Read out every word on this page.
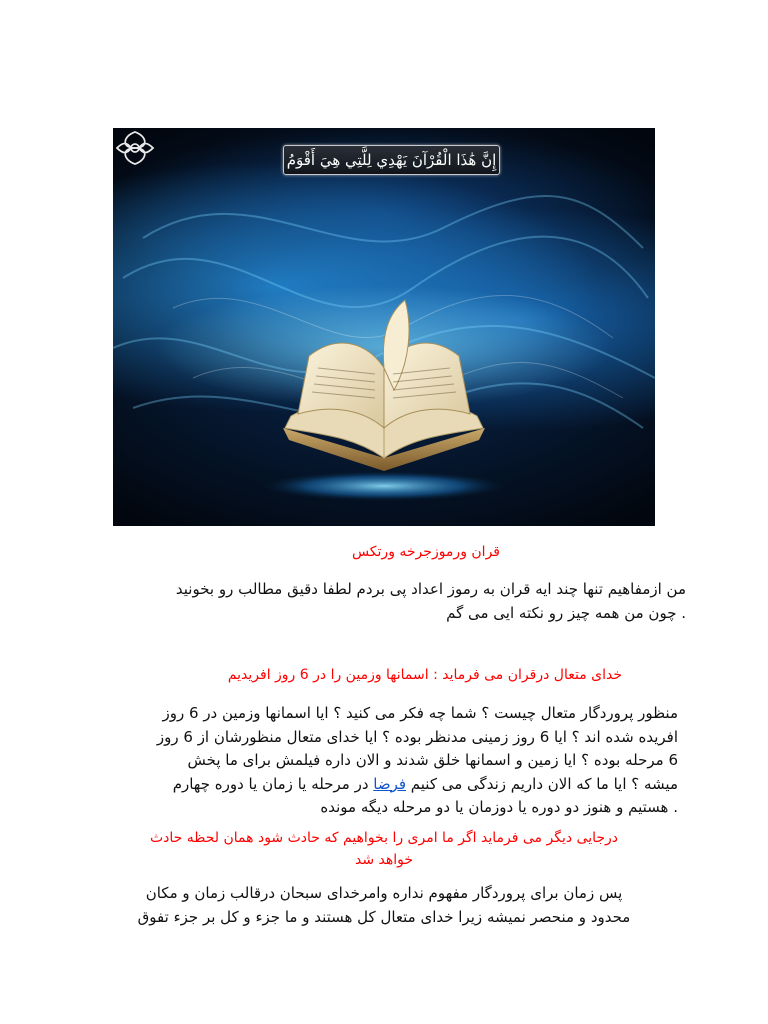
إِنَّ هَٰذَا الْقُرْآنَ يَهْدِي لِلَّتِي هِيَ أَقْوَمُ

قران ورموزجرخه ورتکس

من ازمفاهیم تنها چند ایه قران به رموز اعداد پی بردم لطفا دقیق مطالب رو بخونید
. چون من همه چیز رو نکته ایی می گم

خدای متعال درقران می فرماید : اسمانها وزمین را در 6 روز افریدیم

منظور پروردگار متعال چیست ؟ شما چه فکر می کنید ؟ ایا اسمانها وزمین در 6 روز
افریده شده اند ؟ ایا 6 روز زمینی مدنظر بوده ؟ ایا خدای متعال منظورشان از 6 روز
6 مرحله بوده ؟ ایا زمین و اسمانها خلق شدند و الان داره فیلمش برای ما پخش
میشه ؟ ایا ما که الان داریم زندگی می کنیم فرضا در مرحله یا زمان یا دوره چهارم
. هستیم و هنوز دو دوره یا دوزمان یا دو مرحله دیگه مونده
درجایی دیگر می فرماید اگر ما امری را بخواهیم که حادث شود همان لحظه حادث
خواهد شد
پس زمان برای پروردگار مفهوم نداره وامرخدای سبحان درقالب زمان و مکان
محدود و منحصر نمیشه زیرا خدای متعال کل هستند و ما جزء و کل بر جزء تفوق
